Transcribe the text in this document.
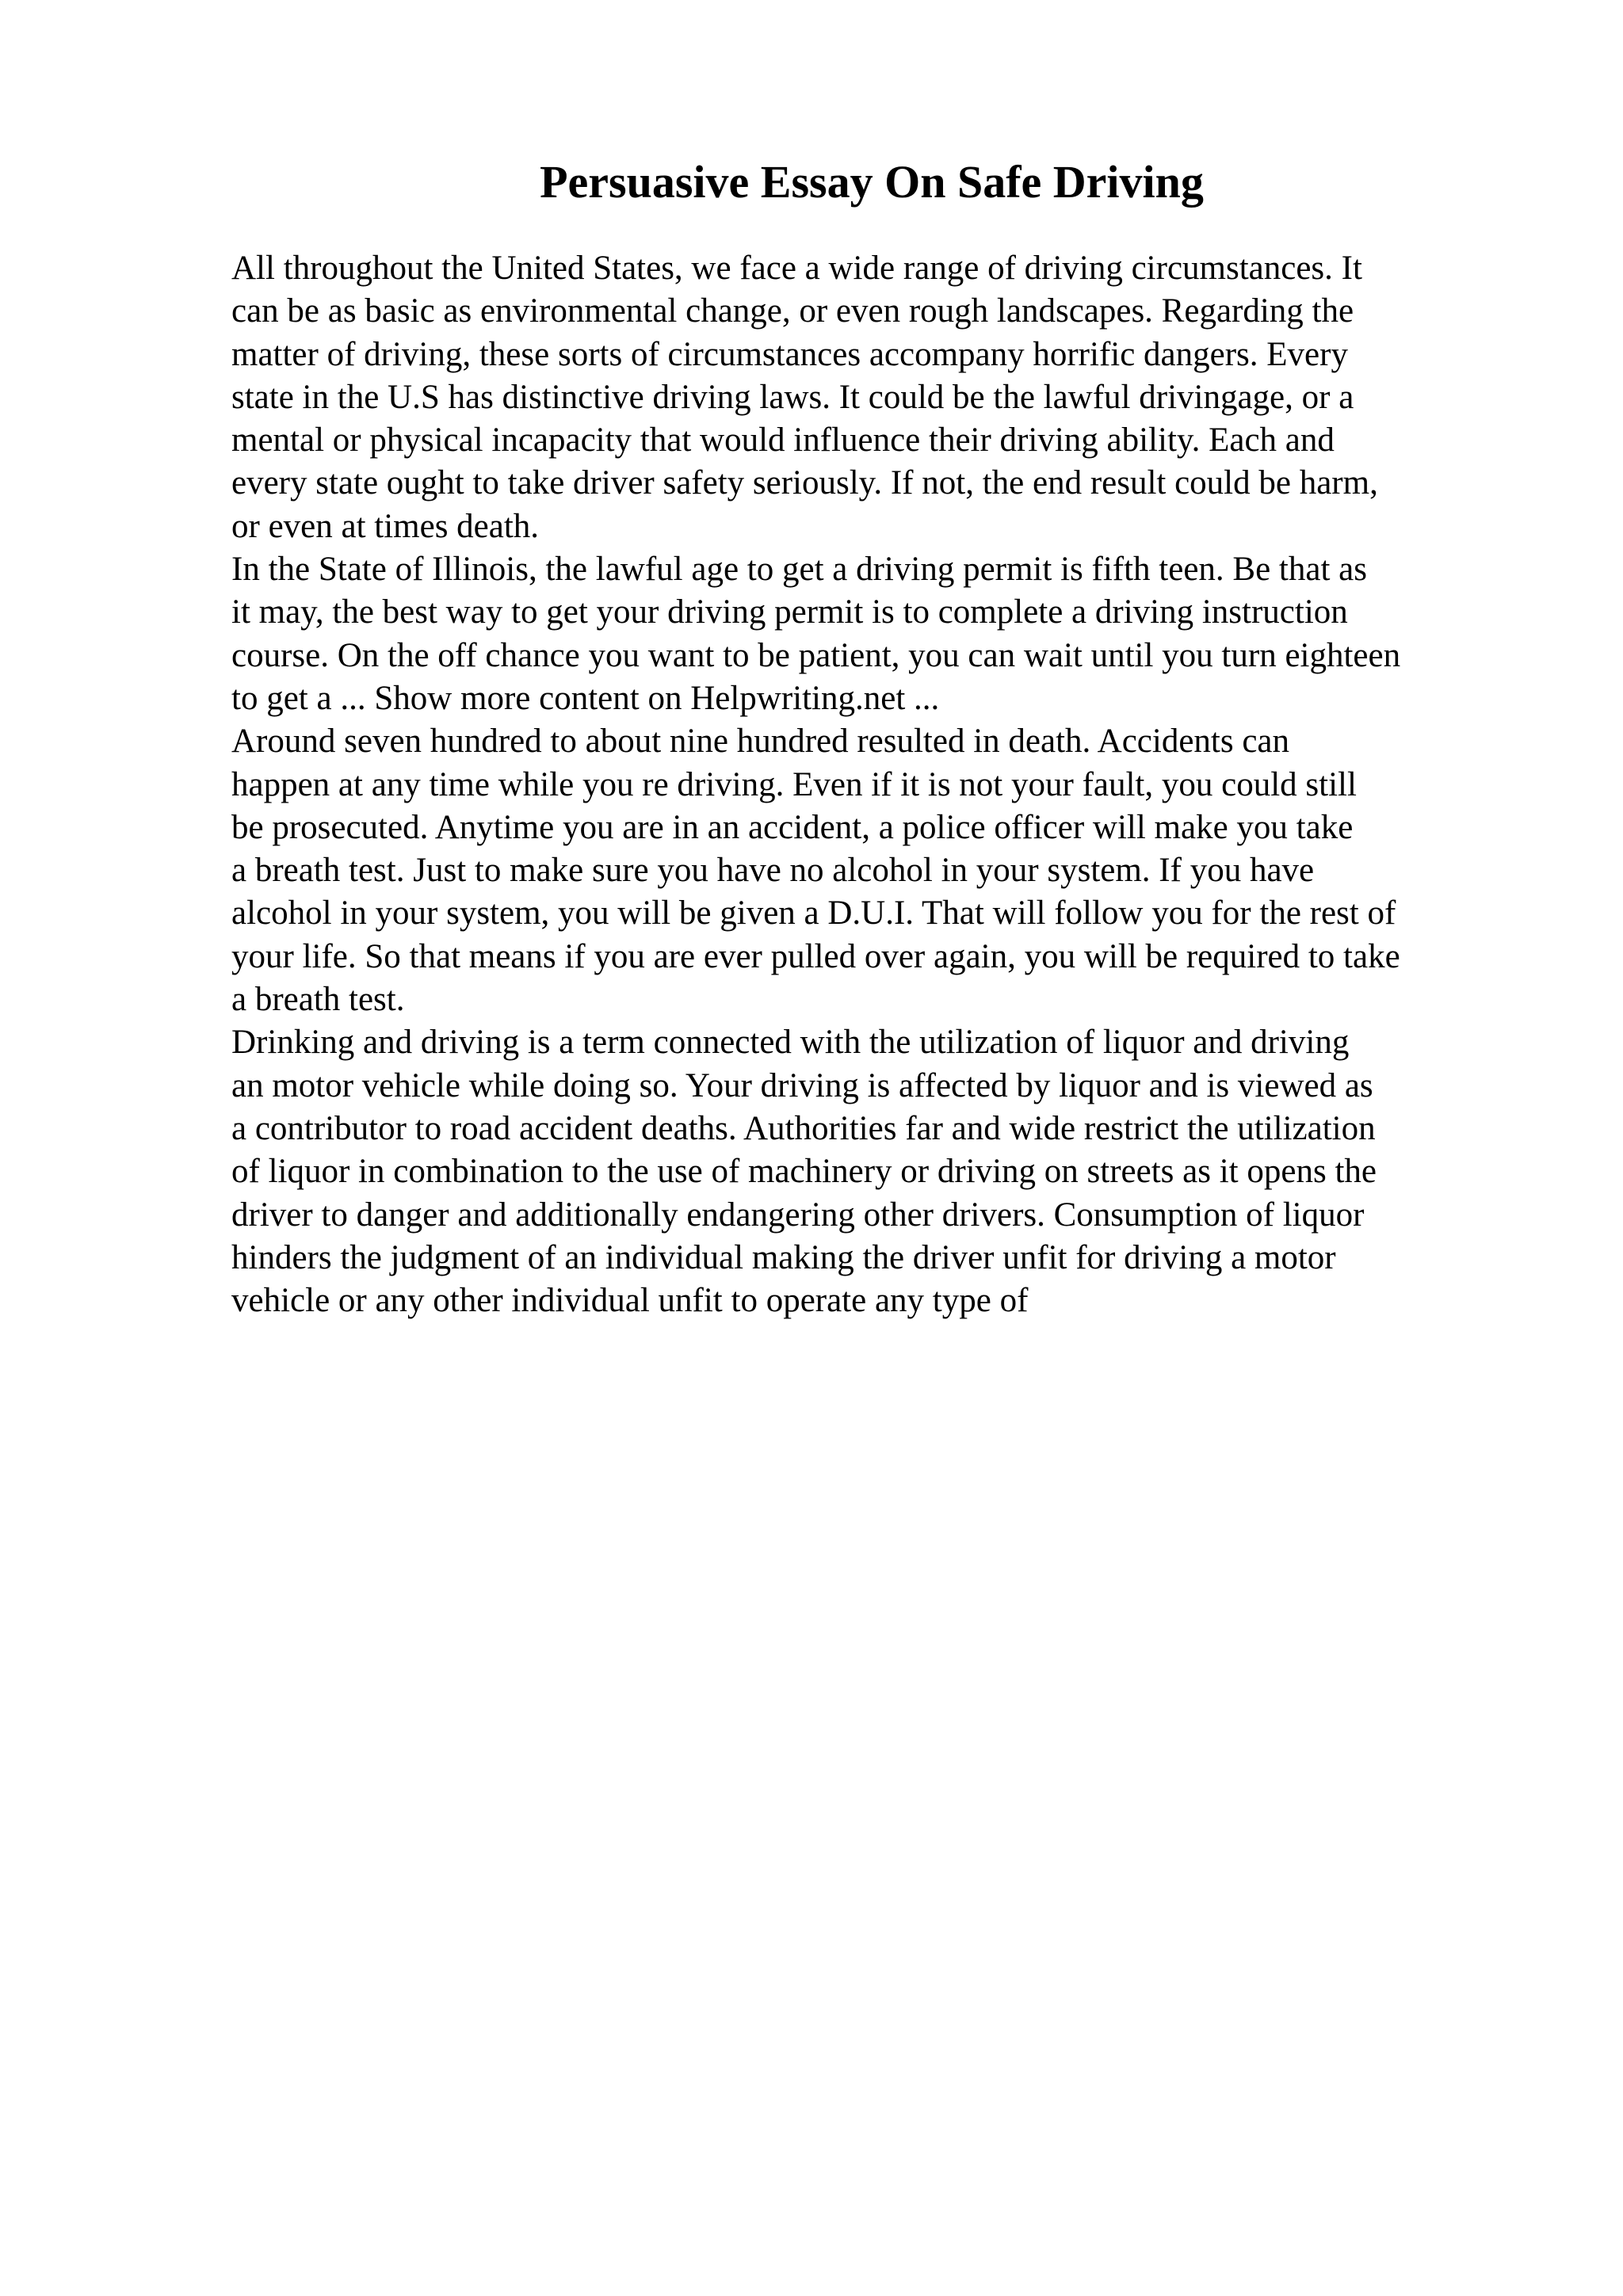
Persuasive Essay On Safe Driving
All throughout the United States, we face a wide range of driving circumstances. It
can be as basic as environmental change, or even rough landscapes. Regarding the
matter of driving, these sorts of circumstances accompany horrific dangers. Every
state in the U.S has distinctive driving laws. It could be the lawful drivingage, or a
mental or physical incapacity that would influence their driving ability. Each and
every state ought to take driver safety seriously. If not, the end result could be harm,
or even at times death.
In the State of Illinois, the lawful age to get a driving permit is fifth teen. Be that as
it may, the best way to get your driving permit is to complete a driving instruction
course. On the off chance you want to be patient, you can wait until you turn eighteen
to get a ... Show more content on Helpwriting.net ...
Around seven hundred to about nine hundred resulted in death. Accidents can
happen at any time while you re driving. Even if it is not your fault, you could still
be prosecuted. Anytime you are in an accident, a police officer will make you take
a breath test. Just to make sure you have no alcohol in your system. If you have
alcohol in your system, you will be given a D.U.I. That will follow you for the rest of
your life. So that means if you are ever pulled over again, you will be required to take
a breath test.
Drinking and driving is a term connected with the utilization of liquor and driving
an motor vehicle while doing so. Your driving is affected by liquor and is viewed as
a contributor to road accident deaths. Authorities far and wide restrict the utilization
of liquor in combination to the use of machinery or driving on streets as it opens the
driver to danger and additionally endangering other drivers. Consumption of liquor
hinders the judgment of an individual making the driver unfit for driving a motor
vehicle or any other individual unfit to operate any type of
